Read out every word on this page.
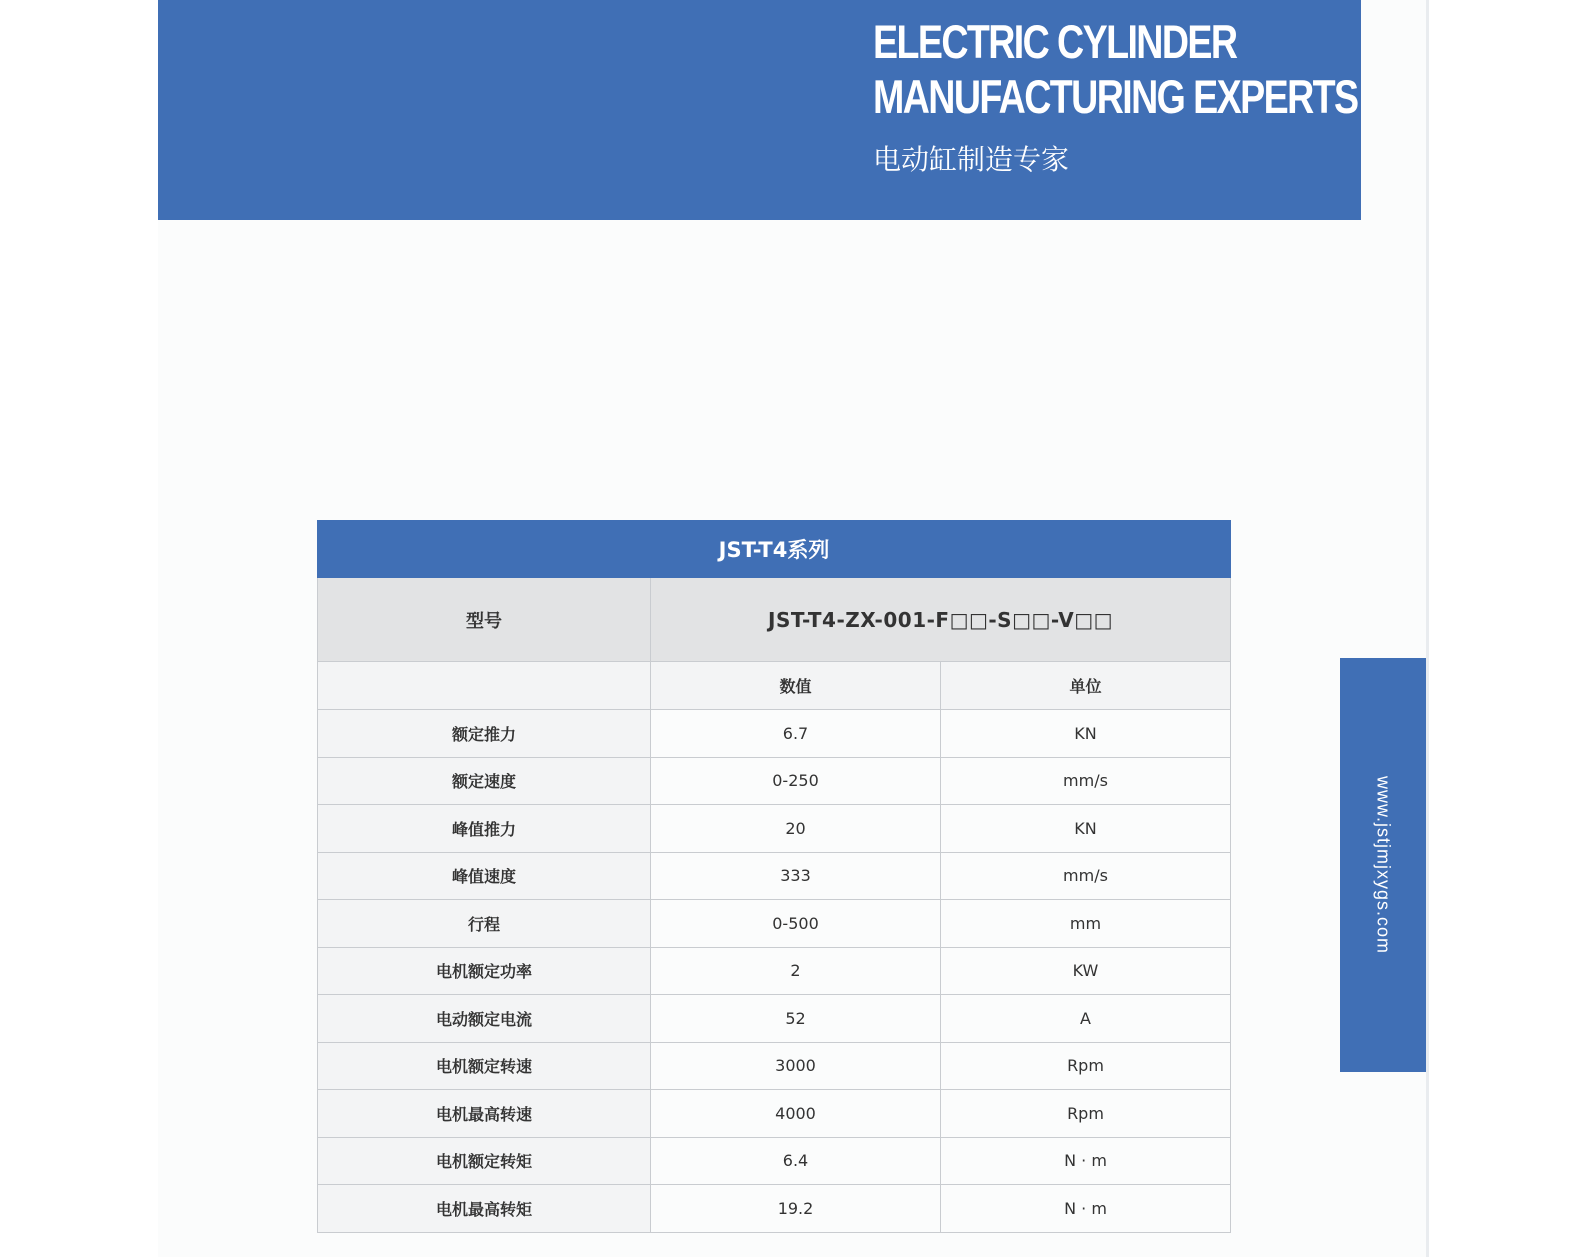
ELECTRIC CYLINDER
MANUFACTURING EXPERTS
电动缸制造专家
www.jstjmjxygs.com
JST-T4系列		
型号	JST-T4-ZX-001-F□□-S□□-V□□	
	数值	单位
额定推力	6.7	KN
额定速度	0-250	mm/s
峰值推力	20	KN
峰值速度	333	mm/s
行程	0-500	mm
电机额定功率	2	KW
电动额定电流	52	A
电机额定转速	3000	Rpm
电机最高转速	4000	Rpm
电机额定转矩	6.4	N · m
电机最高转矩	19.2	N · m
